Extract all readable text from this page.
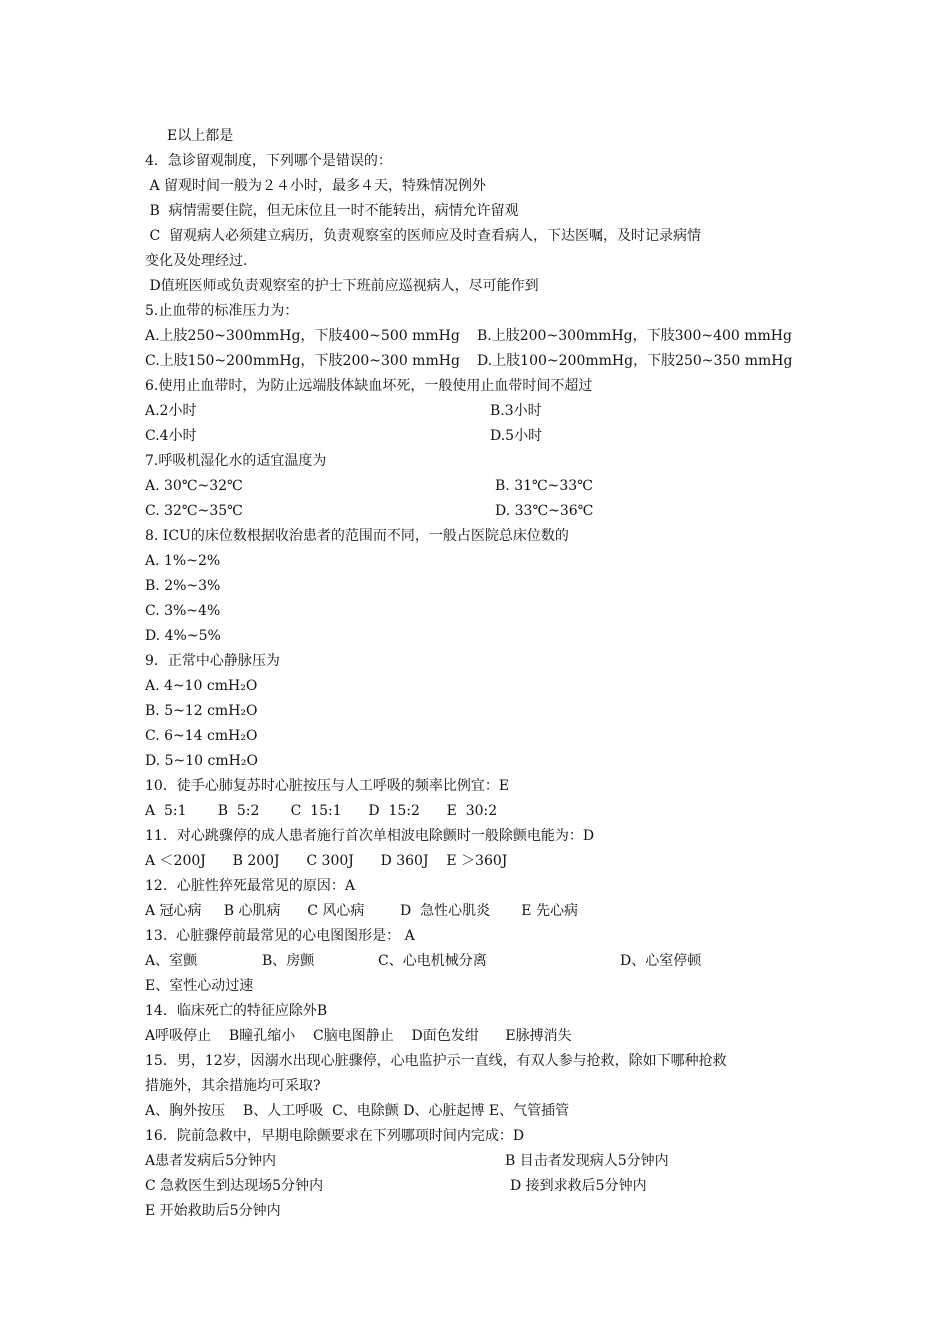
E以上都是
4．急诊留观制度，下列哪个是错误的：
A 留观时间一般为２４小时，最多４天，特殊情况例外
B  病情需要住院，但无床位且一时不能转出，病情允许留观
C  留观病人必须建立病历，负责观察室的医师应及时查看病人，下达医嘱，及时记录病情
变化及处理经过.
D值班医师或负责观察室的护士下班前应巡视病人，尽可能作到
5.止血带的标准压力为：
A.上肢250~300mmHg，下肢400~500 mmHg	B.上肢200~300mmHg，下肢300~400 mmHg
C.上肢150~200mmHg，下肢200~300 mmHg	D.上肢100~200mmHg，下肢250~350 mmHg
6.使用止血带时，为防止远端肢体缺血坏死，一般使用止血带时间不超过
A.2小时	B.3小时
C.4小时	D.5小时
7.呼吸机湿化水的适宜温度为
A. 30℃~32℃	B. 31℃~33℃
C. 32℃~35℃	D. 33℃~36℃
8. ICU的床位数根据收治患者的范围而不同，一般占医院总床位数的
A. 1%~2%
B. 2%~3%
C. 3%~4%
D. 4%~5%
9．正常中心静脉压为
A. 4~10 cmH₂O
B. 5~12 cmH₂O
C. 6~14 cmH₂O
D. 5~10 cmH₂O
10．徒手心肺复苏时心脏按压与人工呼吸的频率比例宜：E
A  5:1       B  5:2       C  15:1      D  15:2      E  30:2
11．对心跳骤停的成人患者施行首次单相波电除颤时一般除颤电能为：D
A ＜200J      B 200J      C 300J      D 360J    E ＞360J
12．心脏性猝死最常见的原因：A
A 冠心病     B 心肌病      C 风心病        D  急性心肌炎       E 先心病
13.  心脏骤停前最常见的心电图图形是： A
A、室颤	B、房颤	C、心电机械分离	D、心室停顿
E、室性心动过速
14．临床死亡的特征应除外B
A呼吸停止    B瞳孔缩小    C脑电图静止    D面色发绀      E脉搏消失
15．男，12岁，因溺水出现心脏骤停，心电监护示一直线，有双人参与抢救，除如下哪种抢救
措施外，其余措施均可采取?
A、胸外按压    B、人工呼吸  C、电除颤 D、心脏起博 E、气管插管
16．院前急救中，早期电除颤要求在下列哪项时间内完成：D
A患者发病后5分钟内	B 目击者发现病人5分钟内
C 急救医生到达现场5分钟内	D 接到求救后5分钟内
E 开始救助后5分钟内
